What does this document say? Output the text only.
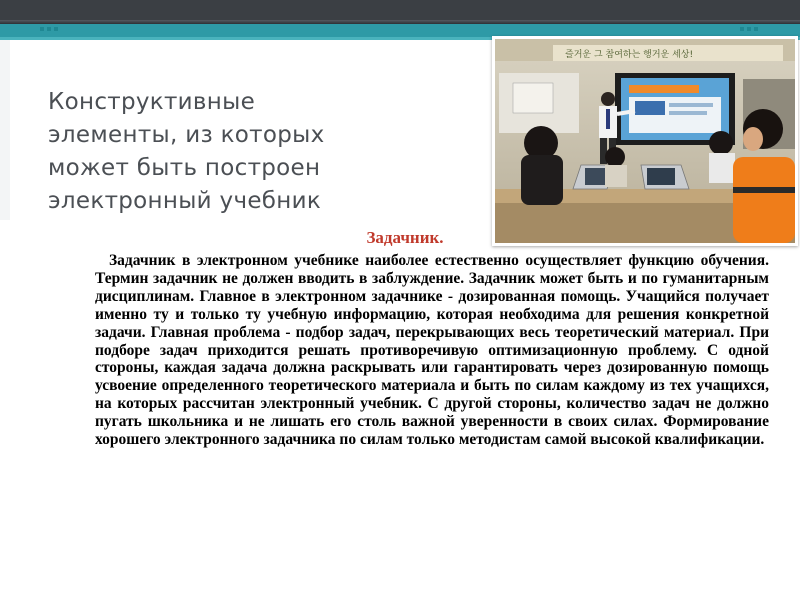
Конструктивные элементы, из которых может быть построен электронный учебник
즐거운 그 참여하는 행거운 세상!
Задачник.

Задачник в электронном учебнике наиболее естественно осуществляет функцию обучения. Термин задачник не должен вводить в заблуждение. Задачник может быть и по гуманитарным дисциплинам. Главное в электронном задачнике - дозированная помощь. Учащийся получает именно ту и только ту учебную информацию, которая необходима для решения конкретной задачи. Главная проблема - подбор задач, перекрывающих весь теоретический материал. При подборе задач приходится решать противоречивую оптимизационную проблему. С одной стороны, каждая задача должна раскрывать или гарантировать через дозированную помощь усвоение определенного теоретического материала и быть по силам каждому из тех учащихся, на которых рассчитан электронный учебник. С другой стороны, количество задач не должно пугать школьника и не лишать его столь важной уверенности в своих силах. Формирование хорошего электронного задачника по силам только методистам самой высокой квалификации.
